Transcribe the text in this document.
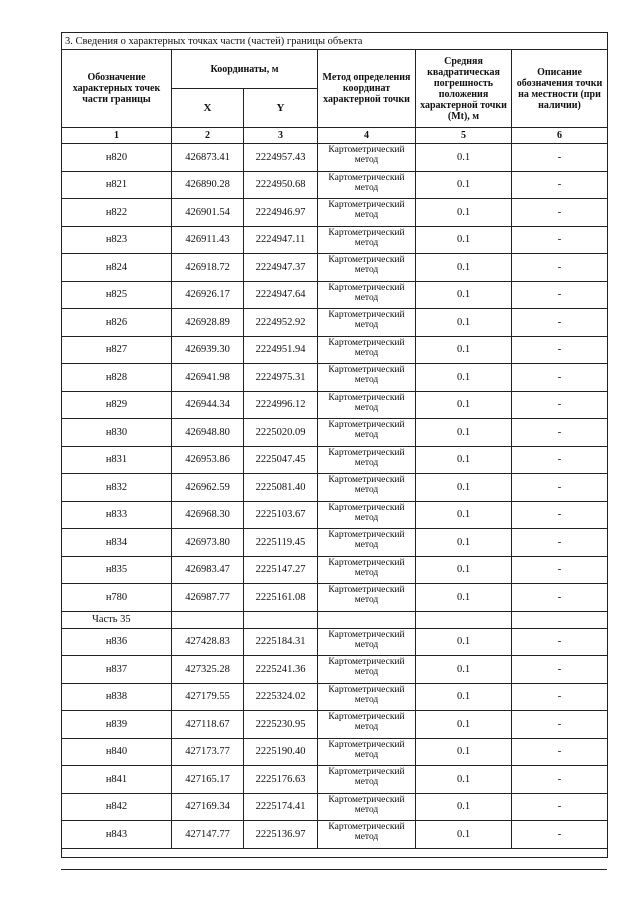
3. Сведения о характерных точках части (частей) границы объекта					
Обозначение характерных точек части границы	Координаты, м		Метод определения координат характерной точки	Средняя квадратическая погрешность положения характерной точки (Mt), м	Описание обозначения точки на местности (при наличии)
	X	Y			
1	2	3	4	5	6
н820	426873.41	2224957.43	Картометрический метод	0.1	-
н821	426890.28	2224950.68	Картометрический метод	0.1	-
н822	426901.54	2224946.97	Картометрический метод	0.1	-
н823	426911.43	2224947.11	Картометрический метод	0.1	-
н824	426918.72	2224947.37	Картометрический метод	0.1	-
н825	426926.17	2224947.64	Картометрический метод	0.1	-
н826	426928.89	2224952.92	Картометрический метод	0.1	-
н827	426939.30	2224951.94	Картометрический метод	0.1	-
н828	426941.98	2224975.31	Картометрический метод	0.1	-
н829	426944.34	2224996.12	Картометрический метод	0.1	-
н830	426948.80	2225020.09	Картометрический метод	0.1	-
н831	426953.86	2225047.45	Картометрический метод	0.1	-
н832	426962.59	2225081.40	Картометрический метод	0.1	-
н833	426968.30	2225103.67	Картометрический метод	0.1	-
н834	426973.80	2225119.45	Картометрический метод	0.1	-
н835	426983.47	2225147.27	Картометрический метод	0.1	-
н780	426987.77	2225161.08	Картометрический метод	0.1	-
Часть 35					
н836	427428.83	2225184.31	Картометрический метод	0.1	-
н837	427325.28	2225241.36	Картометрический метод	0.1	-
н838	427179.55	2225324.02	Картометрический метод	0.1	-
н839	427118.67	2225230.95	Картометрический метод	0.1	-
н840	427173.77	2225190.40	Картометрический метод	0.1	-
н841	427165.17	2225176.63	Картометрический метод	0.1	-
н842	427169.34	2225174.41	Картометрический метод	0.1	-
н843	427147.77	2225136.97	Картометрический метод	0.1	-
